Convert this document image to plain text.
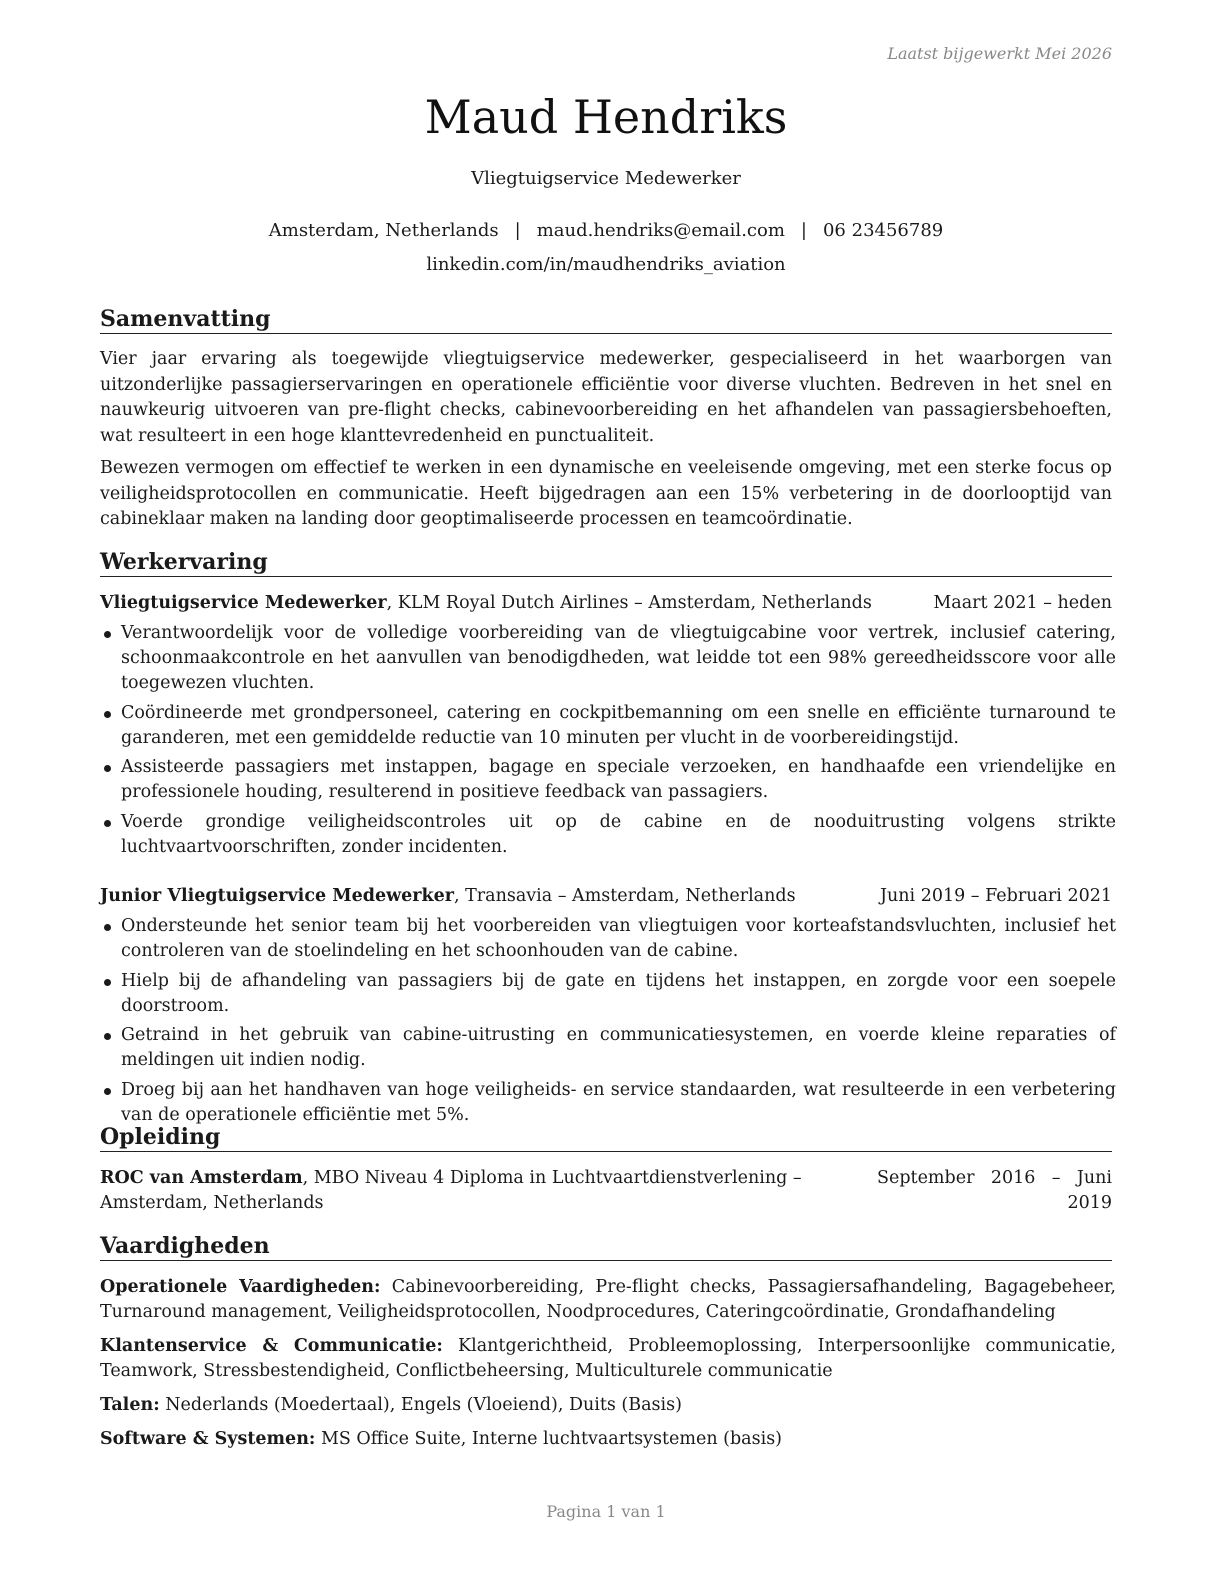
Laatst bijgewerkt Mei 2026
Maud Hendriks
Vliegtuigservice Medewerker
Amsterdam, Netherlands | maud.hendriks@email.com | 06 23456789
linkedin.com/in/maudhendriks_aviation
Samenvatting
Vier jaar ervaring als toegewijde vliegtuigservice medewerker, gespecialiseerd in het waarborgen van uitzonderlijke passagierservaringen en operationele efficiëntie voor diverse vluchten. Bedreven in het snel en nauwkeurig uitvoeren van pre-flight checks, cabinevoorbereiding en het afhandelen van passagiersbehoeften, wat resulteert in een hoge klanttevredenheid en punctualiteit.
Bewezen vermogen om effectief te werken in een dynamische en veeleisende omgeving, met een sterke focus op veiligheidsprotocollen en communicatie. Heeft bijgedragen aan een 15% verbetering in de doorlooptijd van cabineklaar maken na landing door geoptimaliseerde processen en teamcoördinatie.
Werkervaring
Vliegtuigservice Medewerker, KLM Royal Dutch Airlines – Amsterdam, Netherlands	Maart 2021 – heden
Verantwoordelijk voor de volledige voorbereiding van de vliegtuigcabine voor vertrek, inclusief catering, schoonmaakcontrole en het aanvullen van benodigdheden, wat leidde tot een 98% gereedheidsscore voor alle toegewezen vluchten.
Coördineerde met grondpersoneel, catering en cockpitbemanning om een snelle en efficiënte turnaround te garanderen, met een gemiddelde reductie van 10 minuten per vlucht in de voorbereidingstijd.
Assisteerde passagiers met instappen, bagage en speciale verzoeken, en handhaafde een vriendelijke en professionele houding, resulterend in positieve feedback van passagiers.
Voerde grondige veiligheidscontroles uit op de cabine en de nooduitrusting volgens strikte luchtvaartvoorschriften, zonder incidenten.
Junior Vliegtuigservice Medewerker, Transavia – Amsterdam, Netherlands	Juni 2019 – Februari 2021
Ondersteunde het senior team bij het voorbereiden van vliegtuigen voor korteafstandsvluchten, inclusief het controleren van de stoelindeling en het schoonhouden van de cabine.
Hielp bij de afhandeling van passagiers bij de gate en tijdens het instappen, en zorgde voor een soepele doorstroom.
Getraind in het gebruik van cabine-uitrusting en communicatiesystemen, en voerde kleine reparaties of meldingen uit indien nodig.
Droeg bij aan het handhaven van hoge veiligheids- en service standaarden, wat resulteerde in een verbetering van de operationele efficiëntie met 5%.
Opleiding
ROC van Amsterdam, MBO Niveau 4 Diploma in Luchtvaartdienstverlening – Amsterdam, Netherlands
September 2016 – Juni 2019
Vaardigheden
Operationele Vaardigheden: Cabinevoorbereiding, Pre-flight checks, Passagiersafhandeling, Bagagebeheer, Turnaround management, Veiligheidsprotocollen, Noodprocedures, Cateringcoördinatie, Grondafhandeling
Klantenservice & Communicatie: Klantgerichtheid, Probleemoplossing, Interpersoonlijke communicatie, Teamwork, Stressbestendigheid, Conflictbeheersing, Multiculturele communicatie
Talen: Nederlands (Moedertaal), Engels (Vloeiend), Duits (Basis)
Software & Systemen: MS Office Suite, Interne luchtvaartsystemen (basis)
Pagina 1 van 1
